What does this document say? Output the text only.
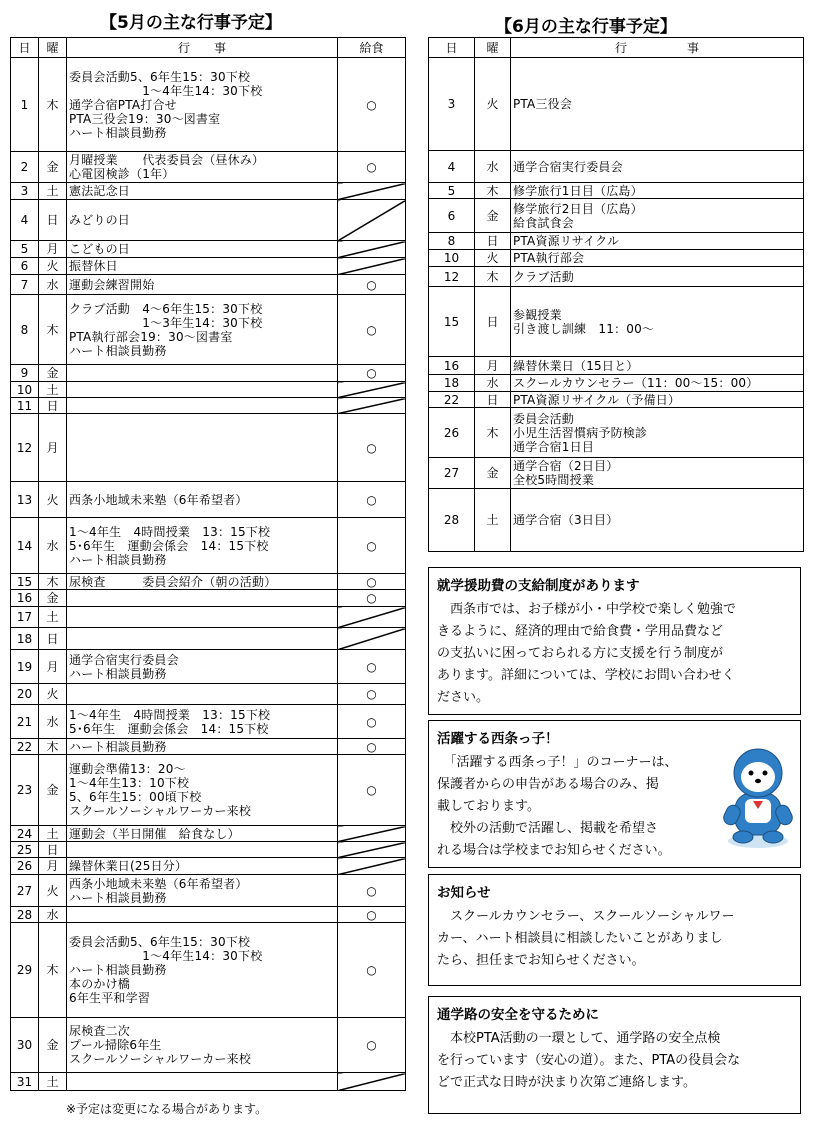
【5月の主な行事予定】	【6月の主な行事予定】
日	曜	行　　事	給食
1	木	委員会活動5、6年生15：30下校
　　　　　　1～4年生14：30下校
通学合宿PTA打合せ
PTA三役会19：30～図書室
ハート相談員勤務	○
2	金	月曜授業　　代表委員会（昼休み）
心電図検診（1年）	○
3	土	憲法記念日	
4	日	みどりの日	
5	月	こどもの日	
6	火	振替休日	
7	水	運動会練習開始	○
8	木	クラブ活動　4～6年生15：30下校
　　　　　　1～3年生14：30下校
PTA執行部会19：30～図書室
ハート相談員勤務	○
9	金		○
10	土		
11	日		
12	月		○
13	火	西条小地域未来塾（6年希望者）	○
14	水	1～4年生　4時間授業　13：15下校
5･6年生　運動会係会　14：15下校
ハート相談員勤務	○
15	木	尿検査　　　委員会紹介（朝の活動）	○
16	金		○
17	土		
18	日		
19	月	通学合宿実行委員会
ハート相談員勤務	○
20	火		○
21	水	1～4年生　4時間授業　13：15下校
5･6年生　運動会係会　14：15下校	○
22	木	ハート相談員勤務	○
23	金	運動会準備13：20～
1～4年生13：10下校
5、6年生15：00頃下校
スクールソーシャルワーカー来校	○
24	土	運動会（半日開催　給食なし）	
25	日		
26	月	繰替休業日(25日分）	
27	火	西条小地域未来塾（6年希望者）
ハート相談員勤務	○
28	水		○
29	木	委員会活動5、6年生15：30下校
　　　　　　1～4年生14：30下校
ハート相談員勤務
本のかけ橋
6年生平和学習	○
30	金	尿検査二次
プール掃除6年生
スクールソーシャルワーカー来校	○
31	土		
※予定は変更になる場合があります。
日	曜	行　　　　　事
3	火	PTA三役会
4	水	通学合宿実行委員会
5	木	修学旅行1日目（広島）
6	金	修学旅行2日目（広島）
給食試食会
8	日	PTA資源リサイクル
10	火	PTA執行部会
12	木	クラブ活動
15	日	参観授業
引き渡し訓練　11：00～
16	月	繰替休業日（15日と）
18	水	スクールカウンセラー（11：00～15：00）
22	日	PTA資源リサイクル（予備日）
26	木	委員会活動
小児生活習慣病予防検診
通学合宿1日目
27	金	通学合宿（2日目）
全校5時間授業
28	土	通学合宿（3日目）
就学援助費の支給制度があります

　西条市では、お子様が小・中学校で楽しく勉強で
きるように、経済的理由で給食費・学用品費など
の支払いに困っておられる方に支援を行う制度が
あります。詳細については、学校にお問い合わせく
ださい。

活躍する西条っ子！

　「活躍する西条っ子！」のコーナーは、
保護者からの申告がある場合のみ、掲
載しております。
　校外の活動で活躍し、掲載を希望さ
れる場合は学校までお知らせください。

お知らせ

　スクールカウンセラー、スクールソーシャルワー
カー、ハート相談員に相談したいことがありまし
たら、担任までお知らせください。

通学路の安全を守るために

　本校PTA活動の一環として、通学路の安全点検
を行っています（安心の道）。また、PTAの役員会な
どで正式な日時が決まり次第ご連絡します。
